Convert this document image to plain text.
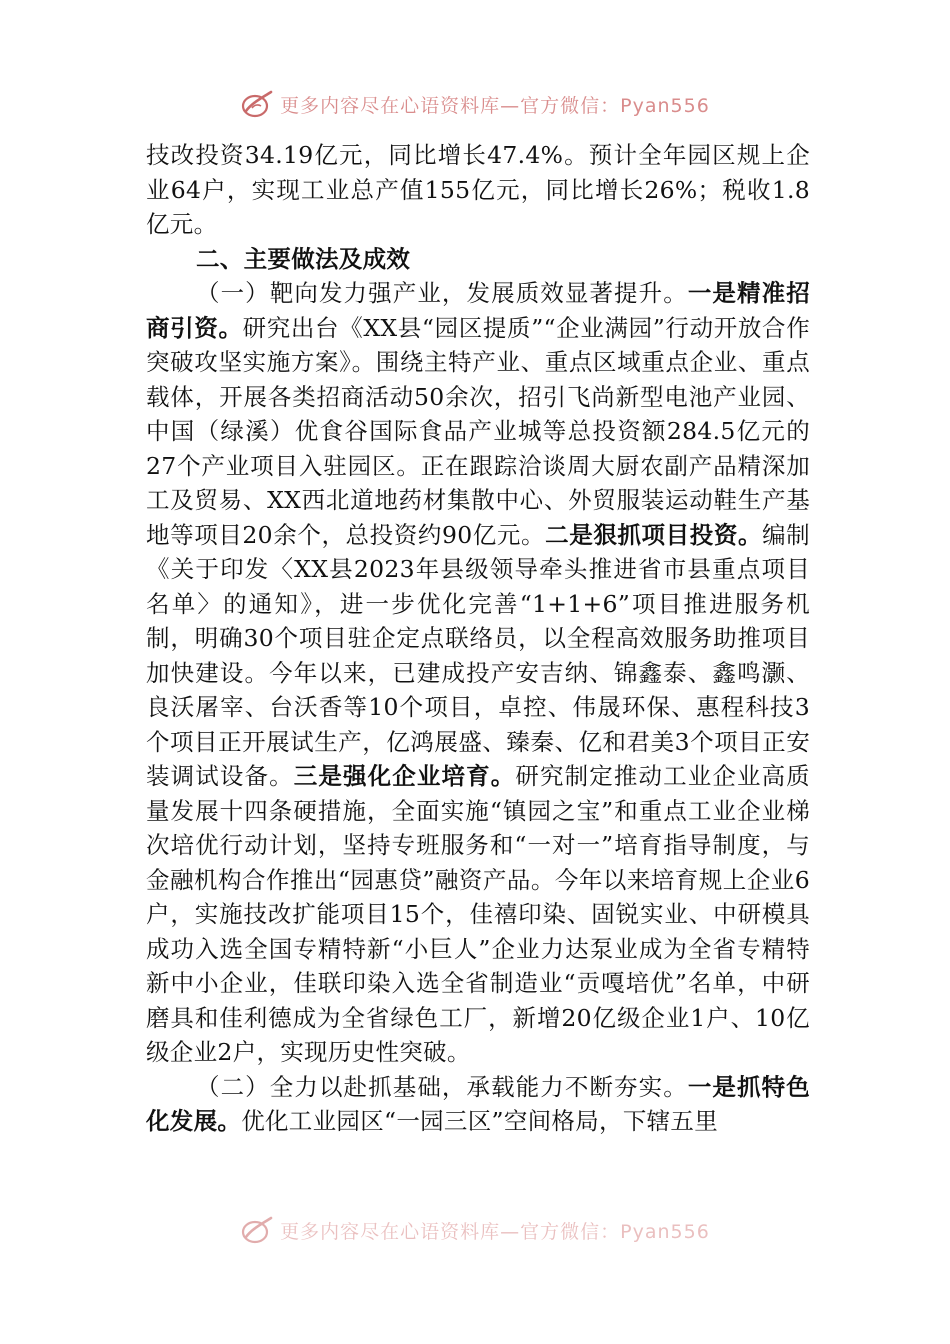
更多内容尽在心语资料库—官方微信：Pyan556

技改投资34.19亿元，同比增长47.4%。预计全年园区规上企业64户，实现工业总产值155亿元，同比增长26%；税收1.8亿元。

二、主要做法及成效

（一）靶向发力强产业，发展质效显著提升。一是精准招商引资。研究出台《XX县“园区提质”“企业满园”行动开放合作突破攻坚实施方案》。围绕主特产业、重点区域重点企业、重点载体，开展各类招商活动50余次，招引飞尚新型电池产业园、中国（绿溪）优食谷国际食品产业城等总投资额284.5亿元的27个产业项目入驻园区。正在跟踪洽谈周大厨农副产品精深加工及贸易、XX西北道地药材集散中心、外贸服装运动鞋生产基地等项目20余个，总投资约90亿元。二是狠抓项目投资。编制《关于印发〈XX县2023年县级领导牵头推进省市县重点项目名单〉的通知》，进一步优化完善“1+1+6”项目推进服务机制，明确30个项目驻企定点联络员，以全程高效服务助推项目加快建设。今年以来，已建成投产安吉纳、锦鑫泰、鑫鸣灏、良沃屠宰、台沃香等10个项目，卓控、伟晟环保、惠程科技3个项目正开展试生产，亿鸿展盛、臻秦、亿和君美3个项目正安装调试设备。三是强化企业培育。研究制定推动工业企业高质量发展十四条硬措施，全面实施“镇园之宝”和重点工业企业梯次培优行动计划，坚持专班服务和“一对一”培育指导制度，与金融机构合作推出“园惠贷”融资产品。今年以来培育规上企业6户，实施技改扩能项目15个，佳禧印染、固锐实业、中研模具成功入选全国专精特新“小巨人”企业力达泵业成为全省专精特新中小企业，佳联印染入选全省制造业“贡嘎培优”名单，中研磨具和佳利德成为全省绿色工厂，新增20亿级企业1户、10亿级企业2户，实现历史性突破。

（二）全力以赴抓基础，承载能力不断夯实。一是抓特色化发展。优化工业园区“一园三区”空间格局，下辖五里

更多内容尽在心语资料库—官方微信：Pyan556
